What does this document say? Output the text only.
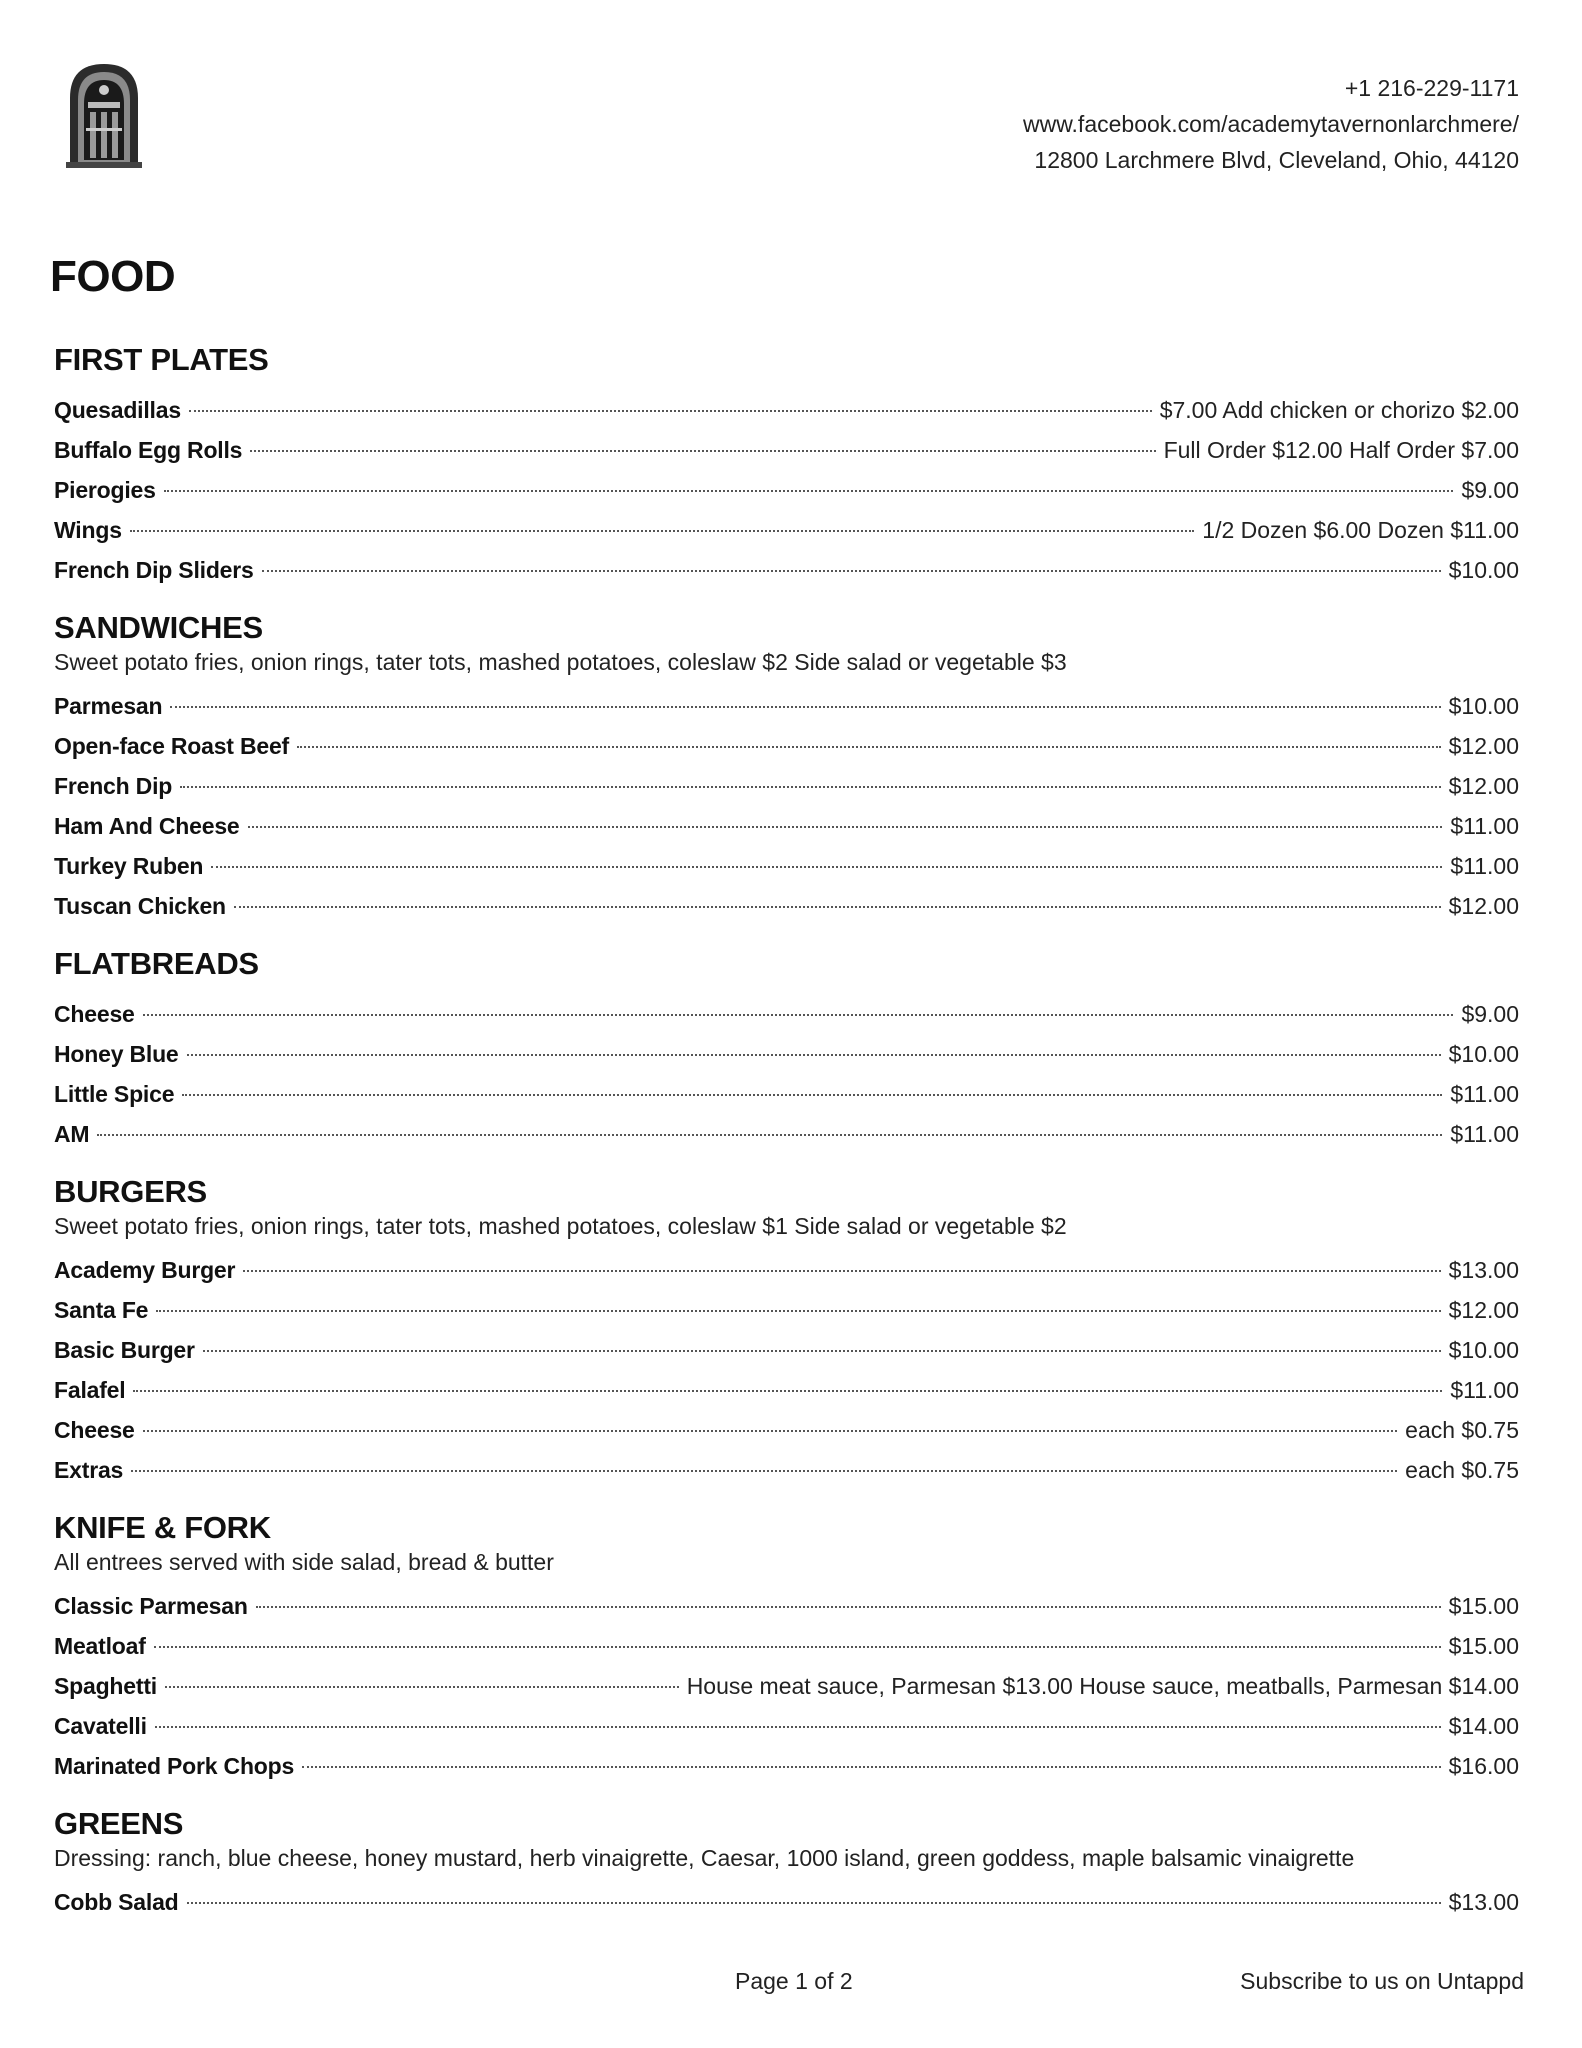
+1 216-229-1171
www.facebook.com/academytavernonlarchmere/
12800 Larchmere Blvd, Cleveland, Ohio, 44120
FOOD
FIRST PLATES
Quesadillas	$7.00 Add chicken or chorizo $2.00
Buffalo Egg Rolls	Full Order $12.00 Half Order $7.00
Pierogies	$9.00
Wings	1/2 Dozen $6.00 Dozen $11.00
French Dip Sliders	$10.00
SANDWICHES
Sweet potato fries, onion rings, tater tots, mashed potatoes, coleslaw $2 Side salad or vegetable $3
Parmesan	$10.00
Open-face Roast Beef	$12.00
French Dip	$12.00
Ham And Cheese	$11.00
Turkey Ruben	$11.00
Tuscan Chicken	$12.00
FLATBREADS
Cheese	$9.00
Honey Blue	$10.00
Little Spice	$11.00
AM	$11.00
BURGERS
Sweet potato fries, onion rings, tater tots, mashed potatoes, coleslaw $1 Side salad or vegetable $2
Academy Burger	$13.00
Santa Fe	$12.00
Basic Burger	$10.00
Falafel	$11.00
Cheese	each $0.75
Extras	each $0.75
KNIFE & FORK
All entrees served with side salad, bread & butter
Classic Parmesan	$15.00
Meatloaf	$15.00
Spaghetti	House meat sauce, Parmesan $13.00 House sauce, meatballs, Parmesan $14.00
Cavatelli	$14.00
Marinated Pork Chops	$16.00
GREENS
Dressing: ranch, blue cheese, honey mustard, herb vinaigrette, Caesar, 1000 island, green goddess, maple balsamic vinaigrette
Cobb Salad	$13.00
Page 1 of 2	Subscribe to us on Untappd
